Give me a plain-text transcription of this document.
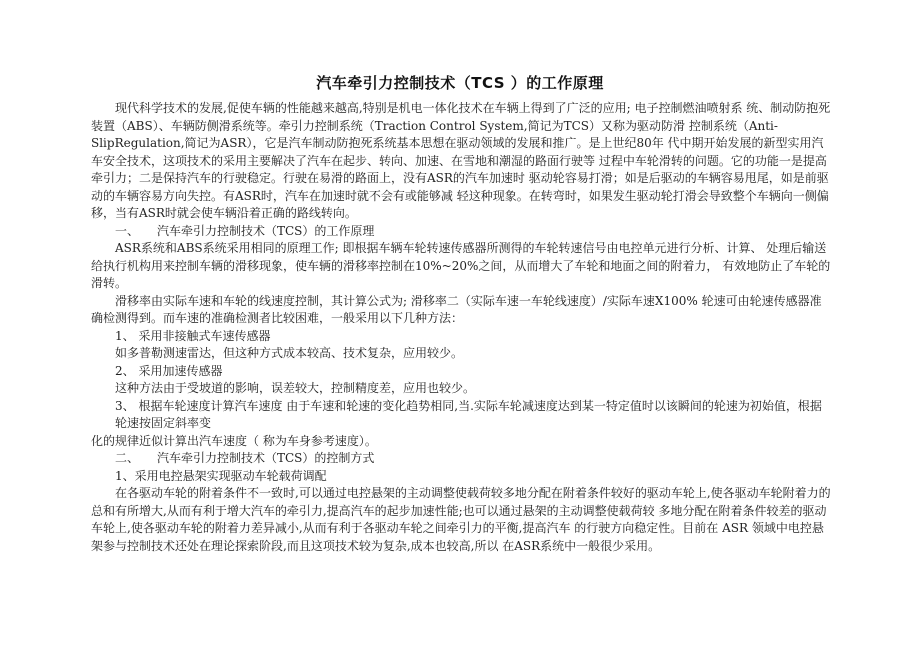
汽车牵引力控制技术（TCS ）的工作原理

现代科学技术的发展,促使车辆的性能越来越高,特别是机电一体化技术在车辆上得到了广泛的应用; 电子控制燃油喷射系 统、制动防抱死装置（ABS）、车辆防侧滑系统等。牵引力控制系统（Traction Control System,简记为TCS）又称为驱动防滑 控制系统（Anti-SlipRegulation,简记为ASR），它是汽车制动防抱死系统基本思想在驱动领域的发展和推广。是上世纪80年 代中期开始发展的新型实用汽车安全技术，这项技术的采用主要解决了汽车在起步、转向、加速、在雪地和潮湿的路面行驶等 过程中车轮滑转的问题。它的功能一是提高牵引力；二是保持汽车的行驶稳定。行驶在易滑的路面上，没有ASR的汽车加速时 驱动轮容易打滑；如是后驱动的车辆容易甩尾，如是前驱动的车辆容易方向失控。有ASR时，汽车在加速时就不会有或能够减 轻这种现象。在转弯时，如果发生驱动轮打滑会导致整个车辆向一侧偏移，当有ASR时就会使车辆沿着正确的路线转向。

一、　　汽车牵引力控制技术（TCS）的工作原理

ASR系统和ABS系统采用相同的原理工作; 即根据车辆车轮转速传感器所测得的车轮转速信号由电控单元进行分析、计算、 处理后输送给执行机构用来控制车辆的滑移现象，使车辆的滑移率控制在10%~20%之间，从而增大了车轮和地面之间的附着力， 有效地防止了车轮的滑转。

滑移率由实际车速和车轮的线速度控制，其计算公式为; 滑移率二（实际车速一车轮线速度）/实际车速X100% 轮速可由轮速传感器准确检测得到。而车速的准确检测者比较困难，一般采用以下几种方法：

1、 采用非接触式车速传感器

如多普勒测速雷达，但这种方式成本较高、技术复杂，应用较少。

2、 采用加速传感器

这种方法由于受坡道的影响，误差较大，控制精度差，应用也较少。

3、 根据车轮速度计算汽车速度 由于车速和轮速的变化趋势相同,当.实际车轮减速度达到某一特定值时以该瞬间的轮速为初始值，根据轮速按固定斜率变

化的规律近似计算出汽车速度（ 称为车身参考速度）。

二、　　汽车牵引力控制技术（TCS）的控制方式

1、采用电控悬架实现驱动车轮载荷调配

在各驱动车轮的附着条件不一致时,可以通过电控悬架的主动调整使载荷较多地分配在附着条件较好的驱动车轮上,使各驱动车轮附着力的总和有所增大,从而有利于增大汽车的牵引力,提高汽车的起步加速性能;也可以通过悬架的主动调整使载荷较 多地分配在附着条件较差的驱动车轮上,使各驱动车轮的附着力差异减小,从而有利于各驱动车轮之间牵引力的平衡,提高汽车 的行驶方向稳定性。目前在 ASR 领域中电控悬架参与控制技术还处在理论探索阶段,而且这项技术较为复杂,成本也较高,所以 在ASR系统中一般很少采用。
